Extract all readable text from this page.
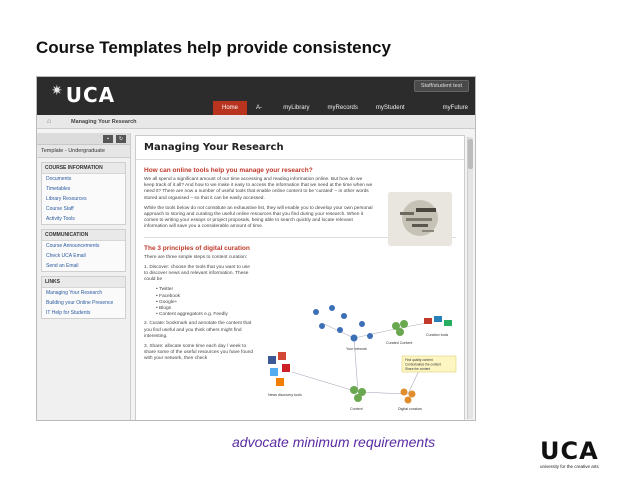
Course Templates help provide consistency
✷ UCA	Staff/student test
Home	A-	myLibrary	myRecords	myStudent	myFuture
⌂	Managing Your Research
▪	↻
Template - Undergraduate
COURSE INFORMATION
Documents
Timetables
Library Resources
Course Staff
Activity Tools
COMMUNICATION
Course Announcements
Check UCA Email
Send an Email
LINKS
Managing Your Research
Building your Online Presence
IT Help for Students
Managing Your Research
How can online tools help you manage your research?
We all spend a significant amount of our time accessing and reading information online. But how do we keep track of it all? And how to we make it easy to access the information that we need at the time when we need it? There are now a number of useful tools that enable online content to be 'curated' – in other words stored and organised – so that it can be easily accessed.
While the tools below do not constitute an exhaustive list, they will enable you to develop your own personal approach to storing and curating the useful online resources that you find during your research. When it comes to writing your essays or project proposals, being able to search quickly and locate relevant information will save you a considerable amount of time.
The 3 principles of digital curation
There are three simple steps to content curation:
1. Discover: choose the tools that you want to use to discover news and relevant information. These could be
• Twitter
• Facebook
• Google+
• Blogs
• Content aggregators e.g. Feedly
2. Curate: bookmark and annotate the content that you find useful and you think others might find interesting.
3. Share: allocate some time each day / week to share some of the useful resources you have found with your network, then check
Your network
Curated Content
Curation tools
News discovery tools
Content	Digital curators
Find quality content
Contextualize the content
Share the content
advocate minimum requirements	UCA
university for the creative arts
